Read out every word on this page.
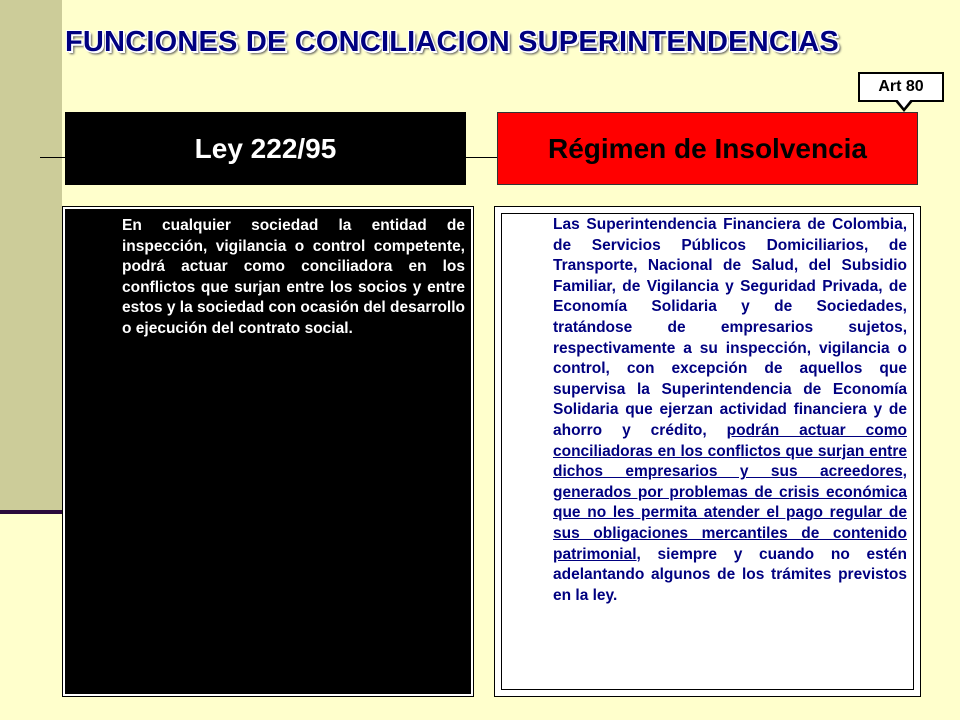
FUNCIONES DE CONCILIACION SUPERINTENDENCIAS
Art 80
Ley 222/95	Régimen de Insolvencia

En cualquier sociedad la entidad de inspección, vigilancia o control competente, podrá actuar como conciliadora en los conflictos que surjan entre los socios y entre estos y la sociedad con ocasión del desarrollo o ejecución del contrato social.

Las Superintendencia Financiera de Colombia, de Servicios Públicos Domiciliarios, de Transporte, Nacional de Salud, del Subsidio Familiar, de Vigilancia y Seguridad Privada, de Economía Solidaria y de Sociedades, tratándose de empresarios sujetos, respectivamente a su inspección, vigilancia o control, con excepción de aquellos que supervisa la Superintendencia de Economía Solidaria que ejerzan actividad financiera y de ahorro y crédito, podrán actuar como conciliadoras en los conflictos que surjan entre dichos empresarios y sus acreedores, generados por problemas de crisis económica que no les permita atender el pago regular de sus obligaciones mercantiles de contenido patrimonial, siempre y cuando no estén adelantando algunos de los trámites previstos en la ley.
